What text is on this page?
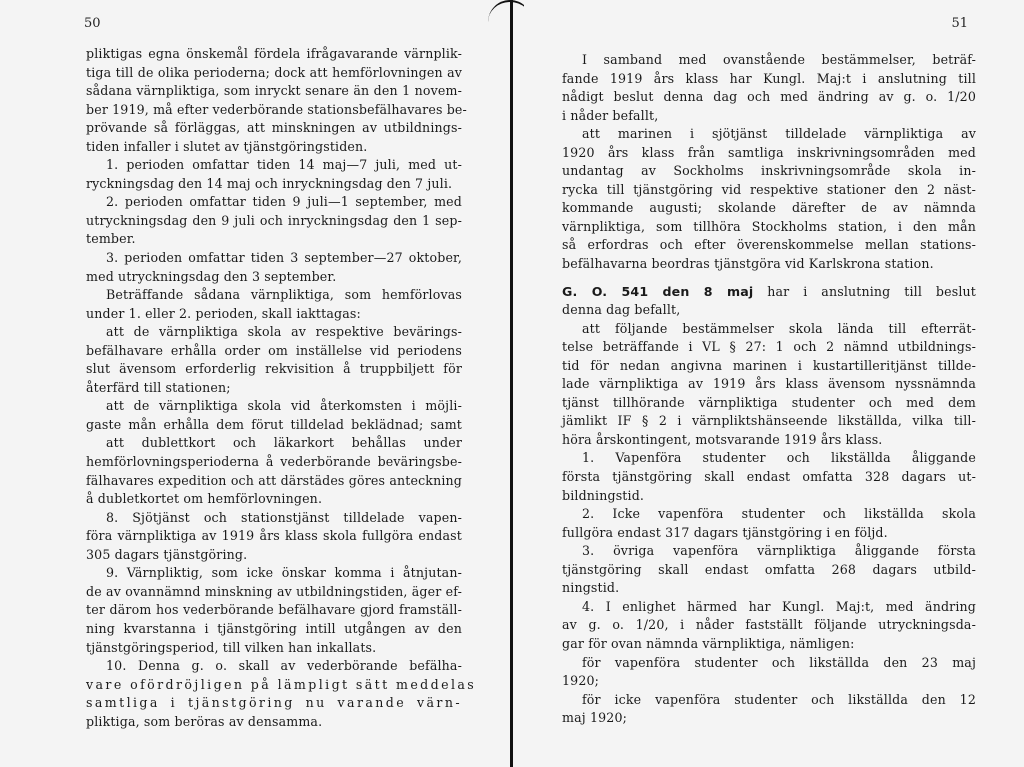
50
pliktigas egna önskemål fördela ifrågavarande värnplik-
tiga till de olika perioderna; dock att hemförlovningen av
sådana värnpliktiga, som inryckt senare än den 1 novem-
ber 1919, må efter vederbörande stationsbefälhavares be-
prövande så förläggas, att minskningen av utbildnings-
tiden infaller i slutet av tjänstgöringstiden.
1. perioden omfattar tiden 14 maj—7 juli, med ut-
ryckningsdag den 14 maj och inryckningsdag den 7 juli.
2. perioden omfattar tiden 9 juli—1 september, med
utryckningsdag den 9 juli och inryckningsdag den 1 sep-
tember.
3. perioden omfattar tiden 3 september—27 oktober,
med utryckningsdag den 3 september.
Beträffande sådana värnpliktiga, som hemförlovas
under 1. eller 2. perioden, skall iakttagas:
att de värnpliktiga skola av respektive bevärings-
befälhavare erhålla order om inställelse vid periodens
slut ävensom erforderlig rekvisition å truppbiljett för
återfärd till stationen;
att de värnpliktiga skola vid återkomsten i möjli-
gaste mån erhålla dem förut tilldelad beklädnad; samt
att dublettkort och läkarkort behållas under
hemförlovningsperioderna å vederbörande beväringsbe-
fälhavares expedition och att därstädes göres anteckning
å dubletkortet om hemförlovningen.
8. Sjötjänst och stationstjänst tilldelade vapen-
föra värnpliktiga av 1919 års klass skola fullgöra endast
305 dagars tjänstgöring.
9. Värnpliktig, som icke önskar komma i åtnjutan-
de av ovannämnd minskning av utbildningstiden, äger ef-
ter därom hos vederbörande befälhavare gjord framställ-
ning kvarstanna i tjänstgöring intill utgången av den
tjänstgöringsperiod, till vilken han inkallats.
10. Denna g. o. skall av vederbörande befälha-
vare ofördröjligen på lämpligt sätt meddelas
samtliga i tjänstgöring nu varande värn-
pliktiga, som beröras av densamma.
51
I samband med ovanstående bestämmelser, beträf-
fande 1919 års klass har Kungl. Maj:t i anslutning till
nådigt beslut denna dag och med ändring av g. o. 1/20
i nåder befallt,
att marinen i sjötjänst tilldelade värnpliktiga av
1920 års klass från samtliga inskrivningsområden med
undantag av Sockholms inskrivningsområde skola in-
rycka till tjänstgöring vid respektive stationer den 2 näst-
kommande augusti; skolande därefter de av nämnda
värnpliktiga, som tillhöra Stockholms station, i den mån
så erfordras och efter överenskommelse mellan stations-
befälhavarna beordras tjänstgöra vid Karlskrona station.
G. O. 541 den 8 maj har i anslutning till beslut
denna dag befallt,
att följande bestämmelser skola lända till efterrät-
telse beträffande i VL § 27: 1 och 2 nämnd utbildnings-
tid för nedan angivna marinen i kustartilleritjänst tillde-
lade värnpliktiga av 1919 års klass ävensom nyssnämnda
tjänst tillhörande värnpliktiga studenter och med dem
jämlikt IF § 2 i värnpliktshänseende likställda, vilka till-
höra årskontingent, motsvarande 1919 års klass.
1. Vapenföra studenter och likställda åliggande
första tjänstgöring skall endast omfatta 328 dagars ut-
bildningstid.
2. Icke vapenföra studenter och likställda skola
fullgöra endast 317 dagars tjänstgöring i en följd.
3. övriga vapenföra värnpliktiga åliggande första
tjänstgöring skall endast omfatta 268 dagars utbild-
ningstid.
4. I enlighet härmed har Kungl. Maj:t, med ändring
av g. o. 1/20, i nåder fastställt följande utryckningsda-
gar för ovan nämnda värnpliktiga, nämligen:
för vapenföra studenter och likställda den 23 maj
1920;
för icke vapenföra studenter och likställda den 12
maj 1920;
